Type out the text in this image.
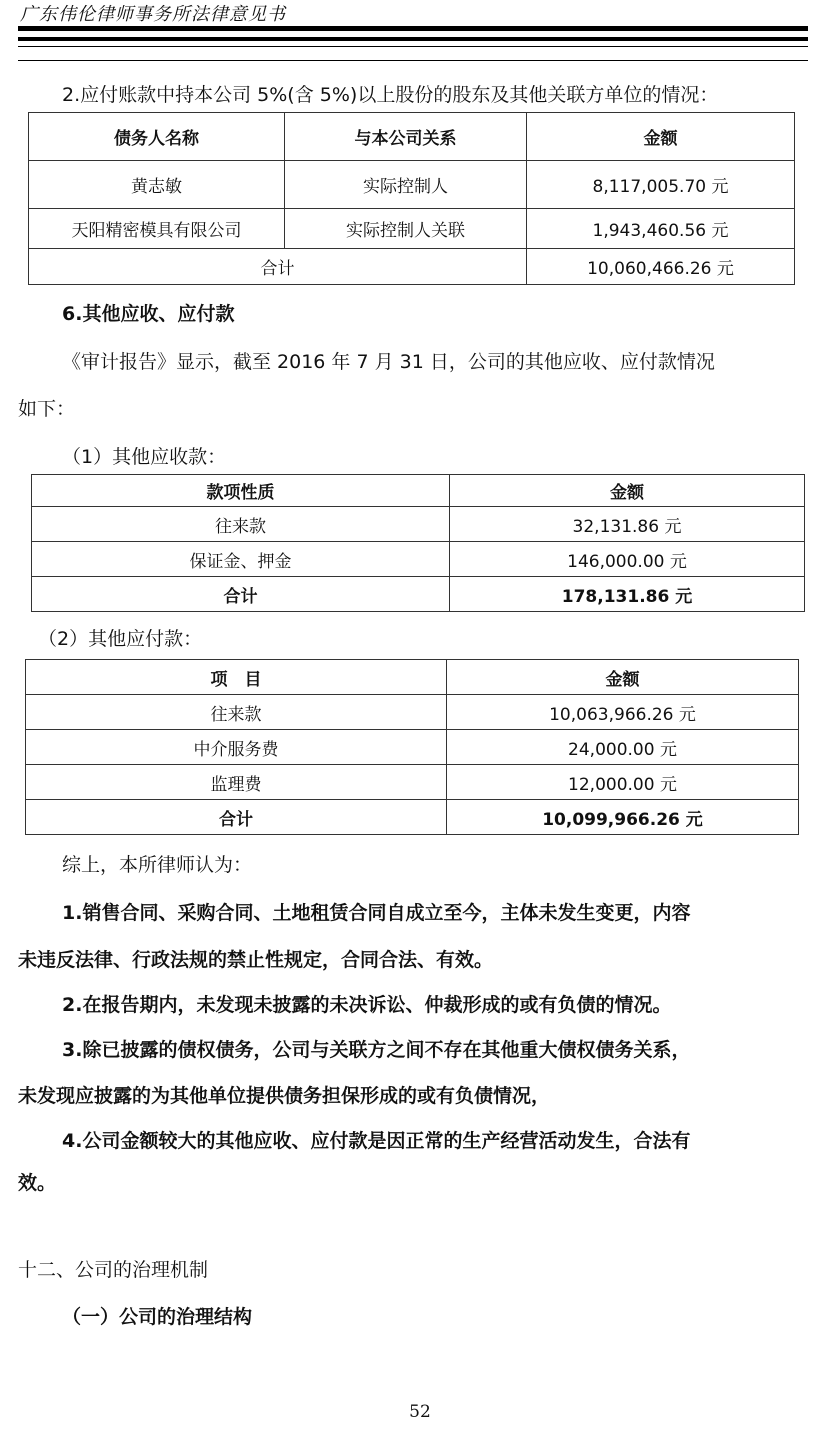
广东伟伦律师事务所法律意见书
2.应付账款中持本公司 5%(含 5%)以上股份的股东及其他关联方单位的情况：
债务人名称	与本公司关系	金额
黄志敏	实际控制人	8,117,005.70 元
天阳精密模具有限公司	实际控制人关联	1,943,460.56 元
合计		10,060,466.26 元
6.其他应收、应付款
《审计报告》显示，截至 2016 年 7 月 31 日，公司的其他应收、应付款情况
如下：
（1）其他应收款：
款项性质	金额
往来款	32,131.86 元
保证金、押金	146,000.00 元
合计	178,131.86 元
（2）其他应付款：
项　目	金额
往来款	10,063,966.26 元
中介服务费	24,000.00 元
监理费	12,000.00 元
合计	10,099,966.26 元
综上，本所律师认为：
1.销售合同、采购合同、土地租赁合同自成立至今，主体未发生变更，内容
未违反法律、行政法规的禁止性规定，合同合法、有效。
2.在报告期内，未发现未披露的未决诉讼、仲裁形成的或有负债的情况。
3.除已披露的债权债务，公司与关联方之间不存在其他重大债权债务关系，
未发现应披露的为其他单位提供债务担保形成的或有负债情况，
4.公司金额较大的其他应收、应付款是因正常的生产经营活动发生，合法有
效。
十二、公司的治理机制
（一）公司的治理结构
52
